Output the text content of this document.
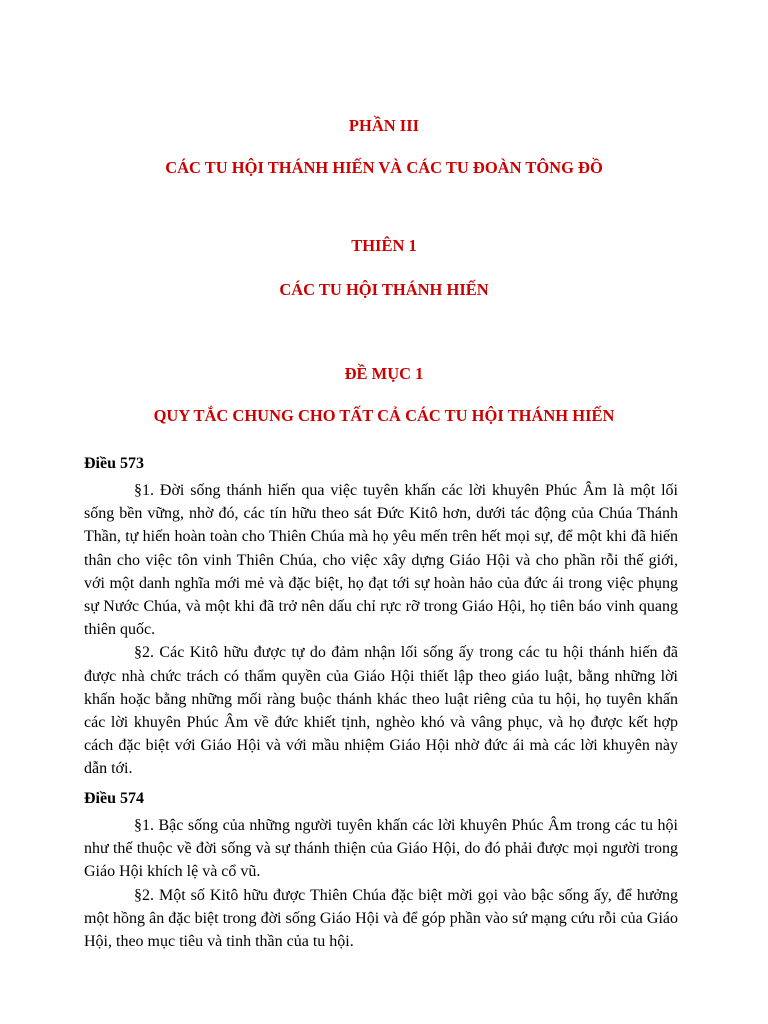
PHẦN III
CÁC TU HỘI THÁNH HIẾN VÀ CÁC TU ĐOÀN TÔNG ĐỒ
THIÊN 1
CÁC TU HỘI THÁNH HIẾN
ĐỀ MỤC 1
QUY TẮC CHUNG CHO TẤT CẢ CÁC TU HỘI THÁNH HIẾN
Điều 573

§1. Đời sống thánh hiến qua việc tuyên khấn các lời khuyên Phúc Âm là một lối sống bền vững, nhờ đó, các tín hữu theo sát Đức Kitô hơn, dưới tác động của Chúa Thánh Thần, tự hiến hoàn toàn cho Thiên Chúa mà họ yêu mến trên hết mọi sự, để một khi đã hiến thân cho việc tôn vinh Thiên Chúa, cho việc xây dựng Giáo Hội và cho phần rỗi thế giới, với một danh nghĩa mới mẻ và đặc biệt, họ đạt tới sự hoàn hảo của đức ái trong việc phụng sự Nước Chúa, và một khi đã trở nên dấu chỉ rực rỡ trong Giáo Hội, họ tiên báo vinh quang thiên quốc.

§2. Các Kitô hữu được tự do đảm nhận lối sống ấy trong các tu hội thánh hiến đã được nhà chức trách có thẩm quyền của Giáo Hội thiết lập theo giáo luật, bằng những lời khấn hoặc bằng những mối ràng buộc thánh khác theo luật riêng của tu hội, họ tuyên khấn các lời khuyên Phúc Âm về đức khiết tịnh, nghèo khó và vâng phục, và họ được kết hợp cách đặc biệt với Giáo Hội và với mầu nhiệm Giáo Hội nhờ đức ái mà các lời khuyên này dẫn tới.

Điều 574

§1. Bậc sống của những người tuyên khấn các lời khuyên Phúc Âm trong các tu hội như thế thuộc về đời sống và sự thánh thiện của Giáo Hội, do đó phải được mọi người trong Giáo Hội khích lệ và cổ vũ.

§2. Một số Kitô hữu được Thiên Chúa đặc biệt mời gọi vào bậc sống ấy, để hưởng một hồng ân đặc biệt trong đời sống Giáo Hội và để góp phần vào sứ mạng cứu rỗi của Giáo Hội, theo mục tiêu và tinh thần của tu hội.
